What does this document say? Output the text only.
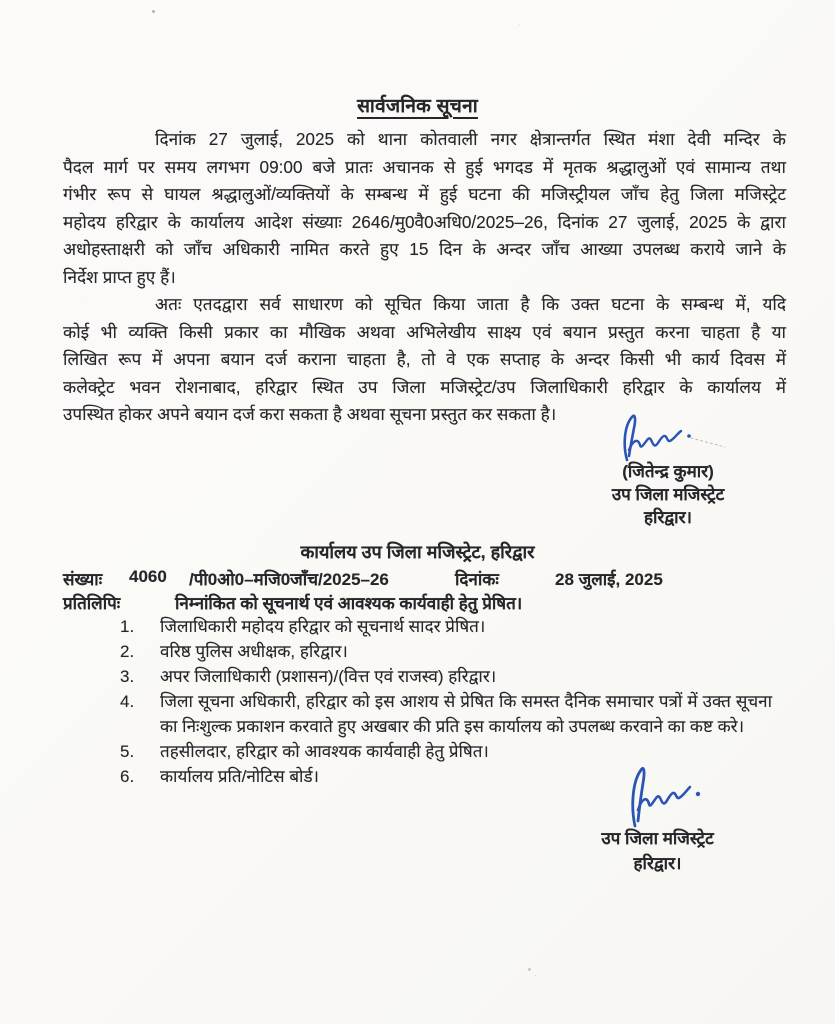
सार्वजनिक सूचना
दिनांक 27 जुलाई, 2025 को थाना कोतवाली नगर क्षेत्रान्तर्गत स्थित मंशा देवी मन्दिर के
पैदल मार्ग पर समय लगभग 09:00 बजे प्रातः अचानक से हुई भगदड में मृतक श्रद्धालुओं एवं सामान्य तथा
गंभीर रूप से घायल श्रद्धालुओं/व्यक्तियों के सम्बन्ध में हुई घटना की मजिस्ट्रीयल जाँच हेतु जिला मजिस्ट्रेट
महोदय हरिद्वार के कार्यालय आदेश संख्याः 2646/मु0वै0अधि0/2025–26, दिनांक 27 जुलाई, 2025 के द्वारा
अधोहस्ताक्षरी को जाँच अधिकारी नामित करते हुए 15 दिन के अन्दर जाँच आख्या उपलब्ध कराये जाने के
निर्देश प्राप्त हुए हैं।
अतः एतदद्वारा सर्व साधारण को सूचित किया जाता है कि उक्त घटना के सम्बन्ध में, यदि
कोई भी व्यक्ति किसी प्रकार का मौखिक अथवा अभिलेखीय साक्ष्य एवं बयान प्रस्तुत करना चाहता है या
लिखित रूप में अपना बयान दर्ज कराना चाहता है, तो वे एक सप्ताह के अन्दर किसी भी कार्य दिवस में
कलेक्ट्रेट भवन रोशनाबाद, हरिद्वार स्थित उप जिला मजिस्ट्रेट/उप जिलाधिकारी हरिद्वार के कार्यालय में
उपस्थित होकर अपने बयान दर्ज करा सकता है अथवा सूचना प्रस्तुत कर सकता है।
(जितेन्द्र कुमार)
उप जिला मजिस्ट्रेट
हरिद्वार।
कार्यालय उप जिला मजिस्ट्रेट, हरिद्वार
संख्याः 4060 /पी0ओ0–मजि0जाँच/2025–26	दिनांकः	28 जुलाई, 2025
प्रतिलिपिः	निम्नांकित को सूचनार्थ एवं आवश्यक कार्यवाही हेतु प्रेषित।
1.	जिलाधिकारी महोदय हरिद्वार को सूचनार्थ सादर प्रेषित।
2.	वरिष्ठ पुलिस अधीक्षक, हरिद्वार।
3.	अपर जिलाधिकारी (प्रशासन)/(वित्त एवं राजस्व) हरिद्वार।
4.	जिला सूचना अधिकारी, हरिद्वार को इस आशय से प्रेषित कि समस्त दैनिक समाचार पत्रों में उक्त सूचना का निःशुल्क प्रकाशन करवाते हुए अखबार की प्रति इस कार्यालय को उपलब्ध करवाने का कष्ट करे।
5.	तहसीलदार, हरिद्वार को आवश्यक कार्यवाही हेतु प्रेषित।
6.	कार्यालय प्रति/नोटिस बोर्ड।
उप जिला मजिस्ट्रेट
हरिद्वार।
